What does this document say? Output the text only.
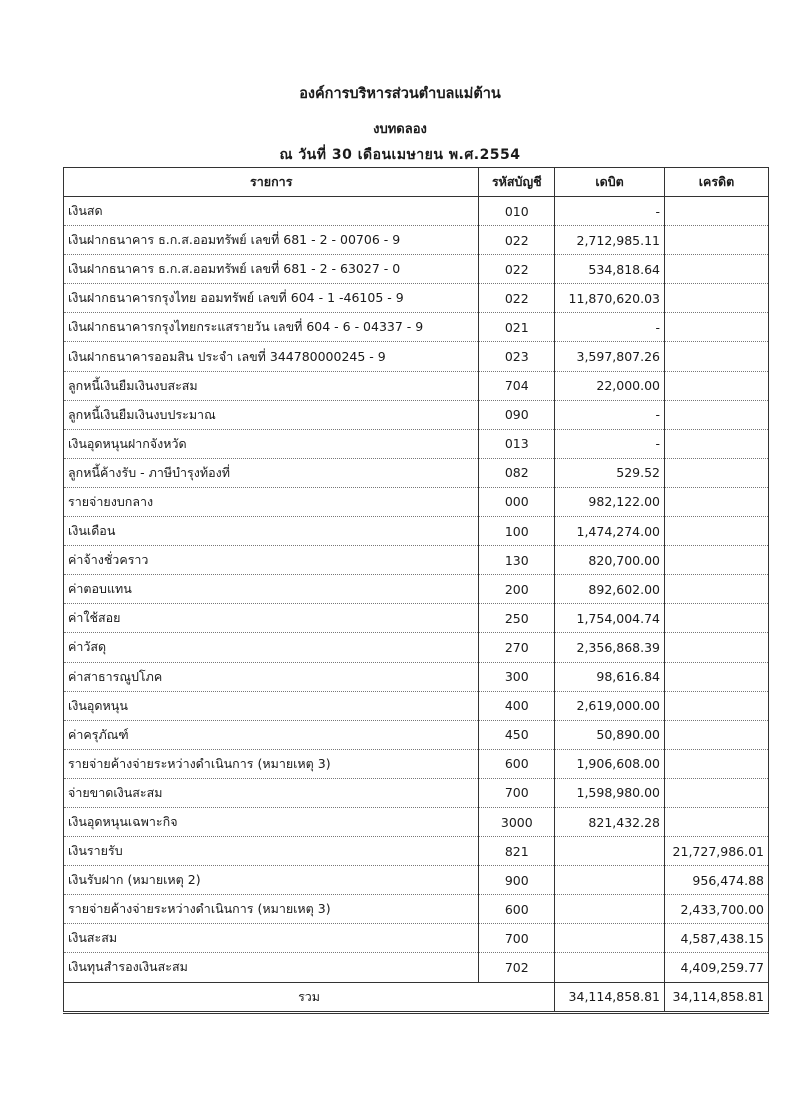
องค์การบริหารส่วนตำบลแม่ต้าน
งบทดลอง
ณ วันที่ 30 เดือนเมษายน พ.ศ.2554
รายการ	รหัสบัญชี	เดบิต	เครดิต
เงินสด	010	-	
เงินฝากธนาคาร ธ.ก.ส.ออมทรัพย์ เลขที่ 681 - 2 - 00706 - 9	022	2,712,985.11	
เงินฝากธนาคาร ธ.ก.ส.ออมทรัพย์ เลขที่ 681 - 2 - 63027 - 0	022	534,818.64	
เงินฝากธนาคารกรุงไทย ออมทรัพย์ เลขที่ 604 - 1 -46105 - 9	022	11,870,620.03	
เงินฝากธนาคารกรุงไทยกระแสรายวัน เลขที่ 604 - 6 - 04337 - 9	021	-	
เงินฝากธนาคารออมสิน ประจำ เลขที่ 344780000245 - 9	023	3,597,807.26	
ลูกหนี้เงินยืมเงินงบสะสม	704	22,000.00	
ลูกหนี้เงินยืมเงินงบประมาณ	090	-	
เงินอุดหนุนฝากจังหวัด	013	-	
ลูกหนี้ค้างรับ - ภาษีบำรุงท้องที่	082	529.52	
รายจ่ายงบกลาง	000	982,122.00	
เงินเดือน	100	1,474,274.00	
ค่าจ้างชั่วคราว	130	820,700.00	
ค่าตอบแทน	200	892,602.00	
ค่าใช้สอย	250	1,754,004.74	
ค่าวัสดุ	270	2,356,868.39	
ค่าสาธารณูปโภค	300	98,616.84	
เงินอุดหนุน	400	2,619,000.00	
ค่าครุภัณฑ์	450	50,890.00	
รายจ่ายค้างจ่ายระหว่างดำเนินการ (หมายเหตุ 3)	600	1,906,608.00	
จ่ายขาดเงินสะสม	700	1,598,980.00	
เงินอุดหนุนเฉพาะกิจ	3000	821,432.28	
เงินรายรับ	821		21,727,986.01
เงินรับฝาก (หมายเหตุ 2)	900		956,474.88
รายจ่ายค้างจ่ายระหว่างดำเนินการ (หมายเหตุ 3)	600		2,433,700.00
เงินสะสม	700		4,587,438.15
เงินทุนสำรองเงินสะสม	702		4,409,259.77
รวม		34,114,858.81	34,114,858.81
